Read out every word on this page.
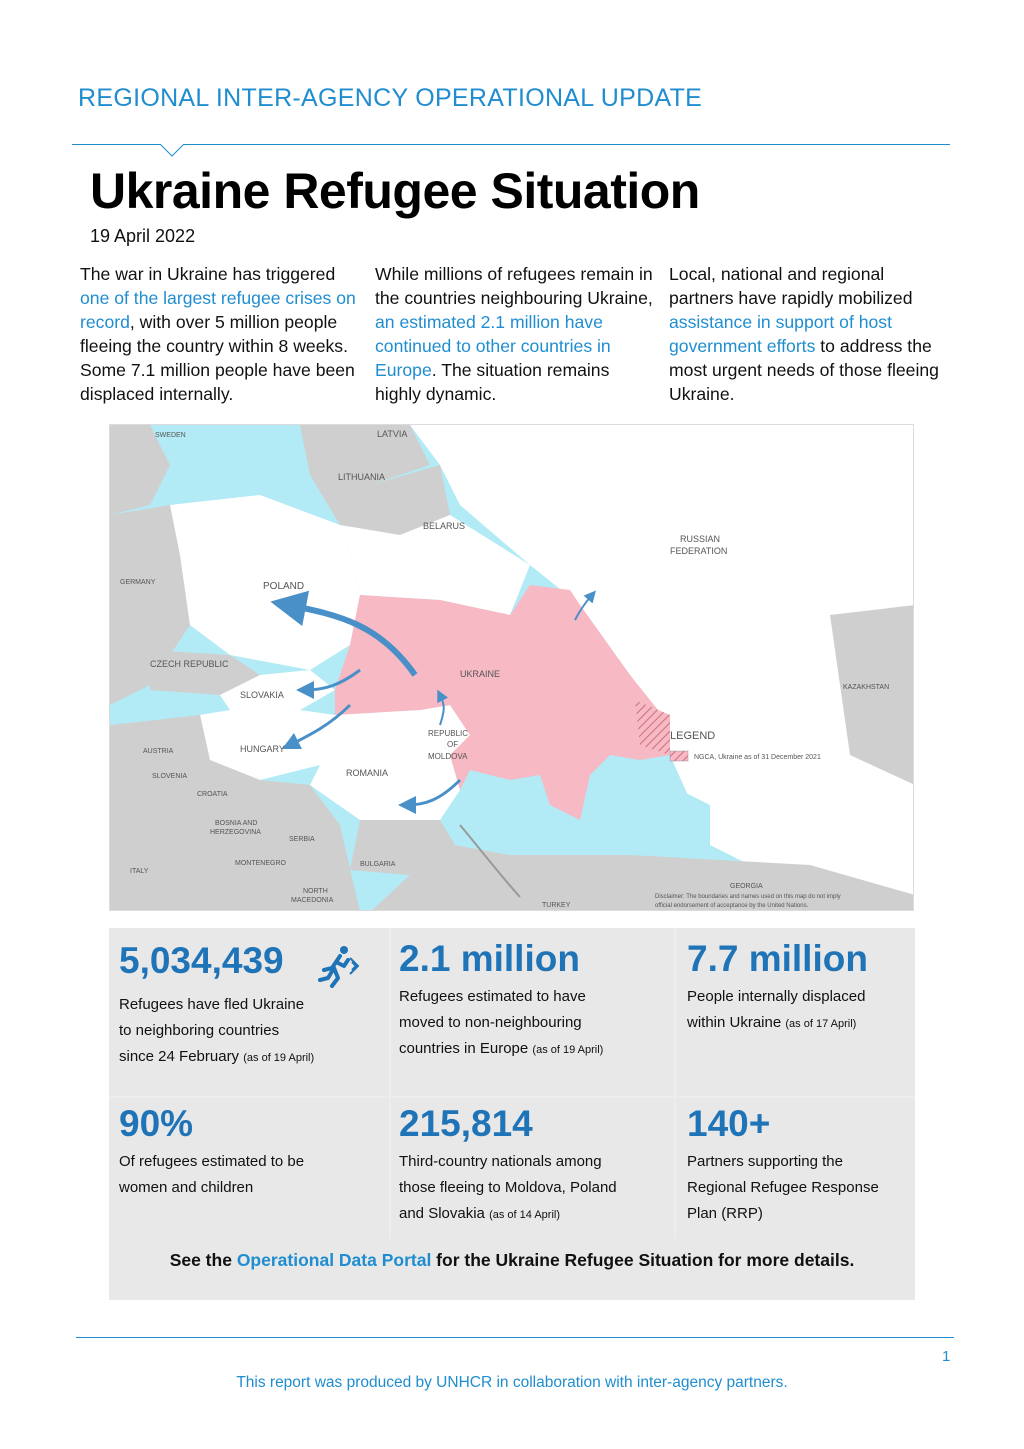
REGIONAL INTER-AGENCY OPERATIONAL UPDATE
Ukraine Refugee Situation
19 April 2022
The war in Ukraine has triggered one of the largest refugee crises on record, with over 5 million people fleeing the country within 8 weeks. Some 7.1 million people have been displaced internally.
While millions of refugees remain in the countries neighbouring Ukraine, an estimated 2.1 million have continued to other countries in Europe. The situation remains highly dynamic.
Local, national and regional partners have rapidly mobilized assistance in support of host government efforts to address the most urgent needs of those fleeing Ukraine.
SWEDEN	LATVIA
LITHUANIA
BELARUS
RUSSIAN
FEDERATION
GERMANY	POLAND
CZECH REPUBLIC
SLOVAKIA
UKRAINE
KAZAKHSTAN
AUSTRIA	HUNGARY
REPUBLIC
OF
MOLDOVA
SLOVENIA
CROATIA
ROMANIA
BOSNIA AND
HERZEGOVINA
SERBIA
ITALY
MONTENEGRO	BULGARIA
NORTH
MACEDONIA
GEORGIA
TURKEY
LEGEND
NGCA, Ukraine as of 31 December 2021
Disclaimer: The boundaries and names used on this map do not imply
official endorsement of acceptance by the United Nations.
5,034,439
Refugees have fled Ukraine
to neighboring countries
since 24 February (as of 19 April)
2.1 million
Refugees estimated to have
moved to non-neighbouring
countries in Europe (as of 19 April)
7.7 million
People internally displaced
within Ukraine (as of 17 April)
90%
Of refugees estimated to be
women and children
215,814
Third-country nationals among
those fleeing to Moldova, Poland
and Slovakia (as of 14 April)
140+
Partners supporting the
Regional Refugee Response
Plan (RRP)
See the Operational Data Portal for the Ukraine Refugee Situation for more details.
1
This report was produced by UNHCR in collaboration with inter-agency partners.
